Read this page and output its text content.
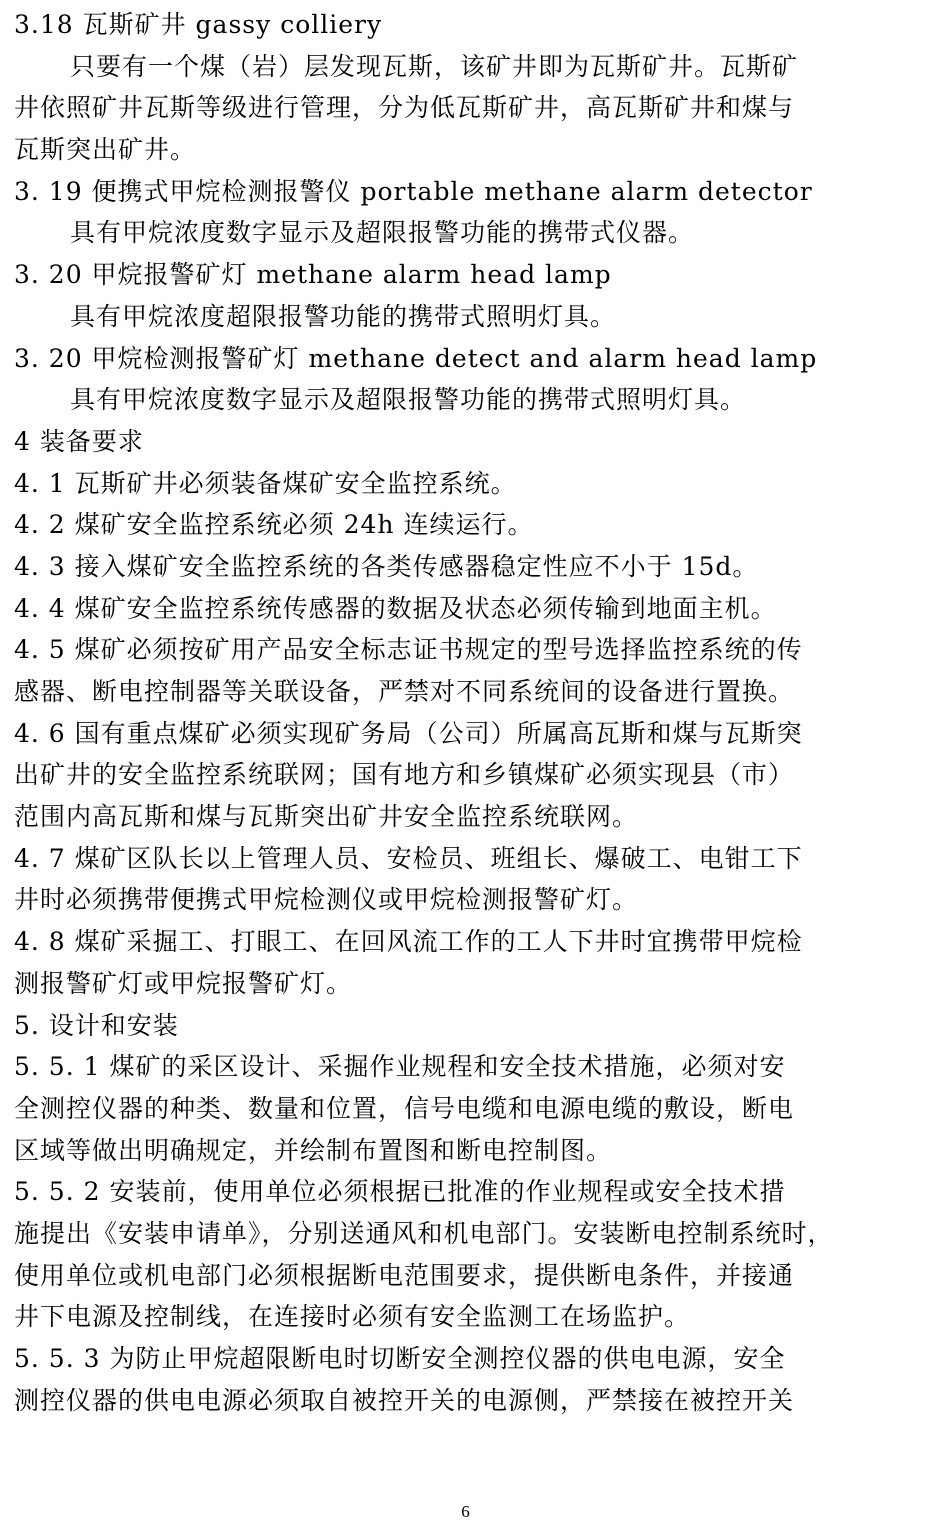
3.18 瓦斯矿井 gassy colliery
只要有一个煤（岩）层发现瓦斯，该矿井即为瓦斯矿井。瓦斯矿
井依照矿井瓦斯等级进行管理，分为低瓦斯矿井，高瓦斯矿井和煤与
瓦斯突出矿井。
3. 19 便携式甲烷检测报警仪 portable methane alarm detector
具有甲烷浓度数字显示及超限报警功能的携带式仪器。
3. 20 甲烷报警矿灯 methane alarm head lamp
具有甲烷浓度超限报警功能的携带式照明灯具。
3. 20 甲烷检测报警矿灯 methane detect and alarm head lamp
具有甲烷浓度数字显示及超限报警功能的携带式照明灯具。
4 装备要求
4. 1 瓦斯矿井必须装备煤矿安全监控系统。
4. 2 煤矿安全监控系统必须 24h 连续运行。
4. 3 接入煤矿安全监控系统的各类传感器稳定性应不小于 15d。
4. 4 煤矿安全监控系统传感器的数据及状态必须传输到地面主机。
4. 5 煤矿必须按矿用产品安全标志证书规定的型号选择监控系统的传
感器、断电控制器等关联设备，严禁对不同系统间的设备进行置换。
4. 6 国有重点煤矿必须实现矿务局（公司）所属高瓦斯和煤与瓦斯突
出矿井的安全监控系统联网；国有地方和乡镇煤矿必须实现县（市）
范围内高瓦斯和煤与瓦斯突出矿井安全监控系统联网。
4. 7 煤矿区队长以上管理人员、安检员、班组长、爆破工、电钳工下
井时必须携带便携式甲烷检测仪或甲烷检测报警矿灯。
4. 8 煤矿采掘工、打眼工、在回风流工作的工人下井时宜携带甲烷检
测报警矿灯或甲烷报警矿灯。
5. 设计和安装
5. 5. 1 煤矿的采区设计、采掘作业规程和安全技术措施，必须对安
全测控仪器的种类、数量和位置，信号电缆和电源电缆的敷设，断电
区域等做出明确规定，并绘制布置图和断电控制图。
5. 5. 2 安装前，使用单位必须根据已批准的作业规程或安全技术措
施提出《安装申请单》，分别送通风和机电部门。安装断电控制系统时，
使用单位或机电部门必须根据断电范围要求，提供断电条件，并接通
井下电源及控制线，在连接时必须有安全监测工在场监护。
5. 5. 3 为防止甲烷超限断电时切断安全测控仪器的供电电源，安全
测控仪器的供电电源必须取自被控开关的电源侧，严禁接在被控开关
6
